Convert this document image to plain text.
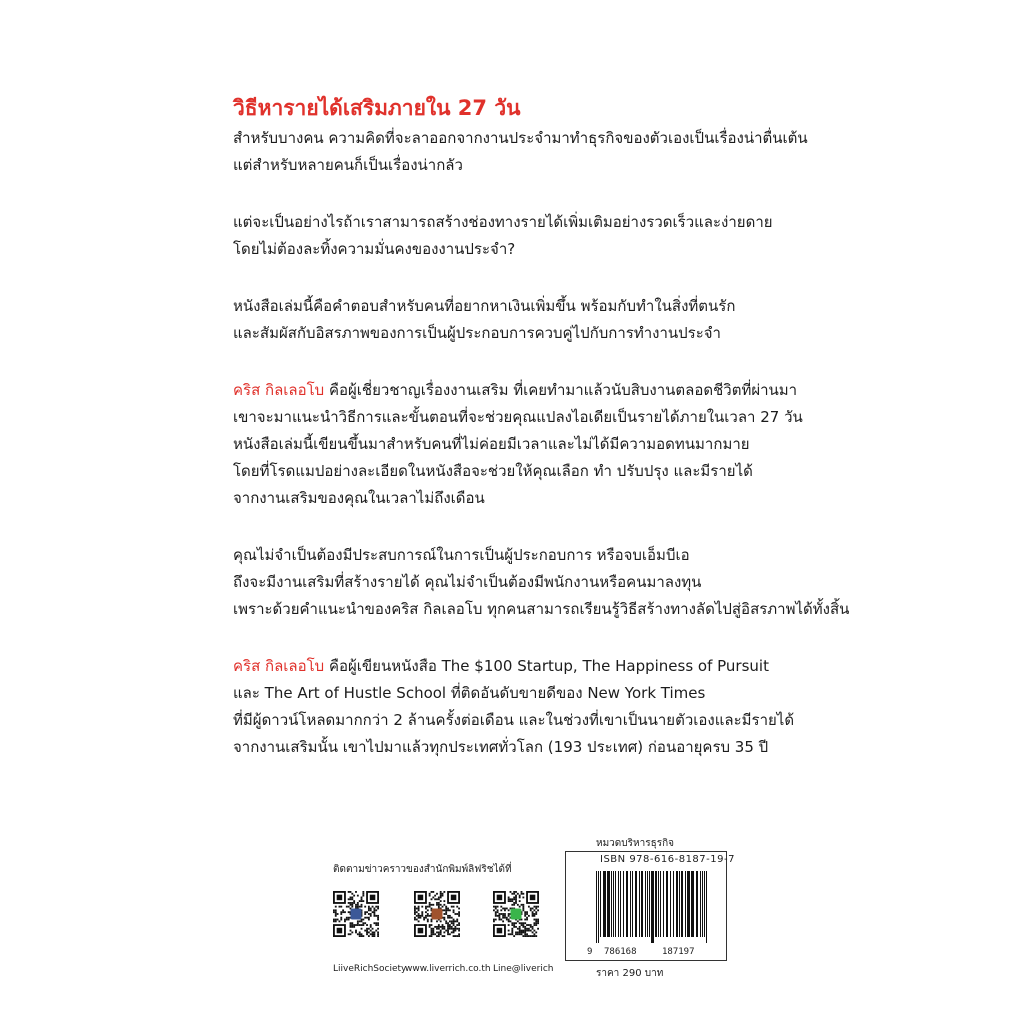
วิธีหารายได้เสริมภายใน 27 วัน
สำหรับบางคน ความคิดที่จะลาออกจากงานประจำมาทำธุรกิจของตัวเองเป็นเรื่องน่าตื่นเต้น
แต่สำหรับหลายคนก็เป็นเรื่องน่ากลัว
แต่จะเป็นอย่างไรถ้าเราสามารถสร้างช่องทางรายได้เพิ่มเติมอย่างรวดเร็วและง่ายดาย
โดยไม่ต้องละทิ้งความมั่นคงของงานประจำ?
หนังสือเล่มนี้คือคำตอบสำหรับคนที่อยากหาเงินเพิ่มขึ้น พร้อมกับทำในสิ่งที่ตนรัก
และสัมผัสกับอิสรภาพของการเป็นผู้ประกอบการควบคู่ไปกับการทำงานประจำ
คริส กิลเลอโบ คือผู้เชี่ยวชาญเรื่องงานเสริม ที่เคยทำมาแล้วนับสิบงานตลอดชีวิตที่ผ่านมา
เขาจะมาแนะนำวิธีการและขั้นตอนที่จะช่วยคุณแปลงไอเดียเป็นรายได้ภายในเวลา 27 วัน
หนังสือเล่มนี้เขียนขึ้นมาสำหรับคนที่ไม่ค่อยมีเวลาและไม่ได้มีความอดทนมากมาย
โดยที่โรดแมปอย่างละเอียดในหนังสือจะช่วยให้คุณเลือก ทำ ปรับปรุง และมีรายได้
จากงานเสริมของคุณในเวลาไม่ถึงเดือน
คุณไม่จำเป็นต้องมีประสบการณ์ในการเป็นผู้ประกอบการ หรือจบเอ็มบีเอ
ถึงจะมีงานเสริมที่สร้างรายได้ คุณไม่จำเป็นต้องมีพนักงานหรือคนมาลงทุน
เพราะด้วยคำแนะนำของคริส กิลเลอโบ ทุกคนสามารถเรียนรู้วิธีสร้างทางลัดไปสู่อิสรภาพได้ทั้งสิ้น
คริส กิลเลอโบ คือผู้เขียนหนังสือ The $100 Startup, The Happiness of Pursuit
และ The Art of Hustle School ที่ติดอันดับขายดีของ New York Times
ที่มีผู้ดาวน์โหลดมากกว่า 2 ล้านครั้งต่อเดือน และในช่วงที่เขาเป็นนายตัวเองและมีรายได้
จากงานเสริมนั้น เขาไปมาแล้วทุกประเทศทั่วโลก (193 ประเทศ) ก่อนอายุครบ 35 ปี
ติดตามข่าวคราวของสำนักพิมพ์ลิฟริชได้ที่
LiiveRichSociety
www.liverrich.co.th Line@liverich
หมวดบริหารธุรกิจ
ISBN 978-616-8187-19-7
9 786168	187197
ราคา 290 บาท
